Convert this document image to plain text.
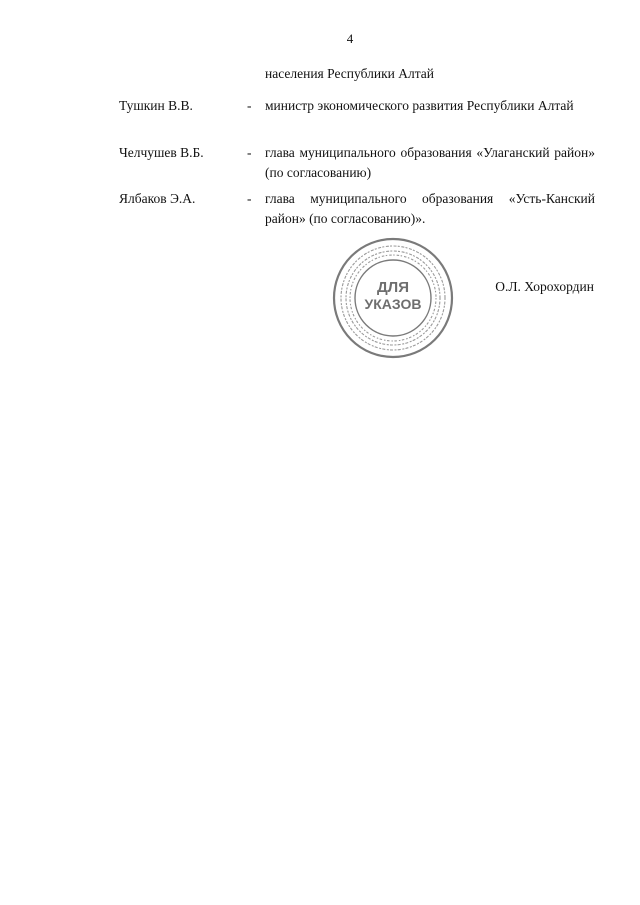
4
населения Республики Алтай
Тушкин В.В.	- министр экономического развития Республики Алтай
Челчушев В.Б.	- глава муниципального образования «Улаганский район» (по согласованию)
Ялбаков Э.А.	- глава муниципального образования «Усть-Канский район» (по согласованию)».
ДЛЯ
УКАЗОВ
О.Л. Хорохордин
